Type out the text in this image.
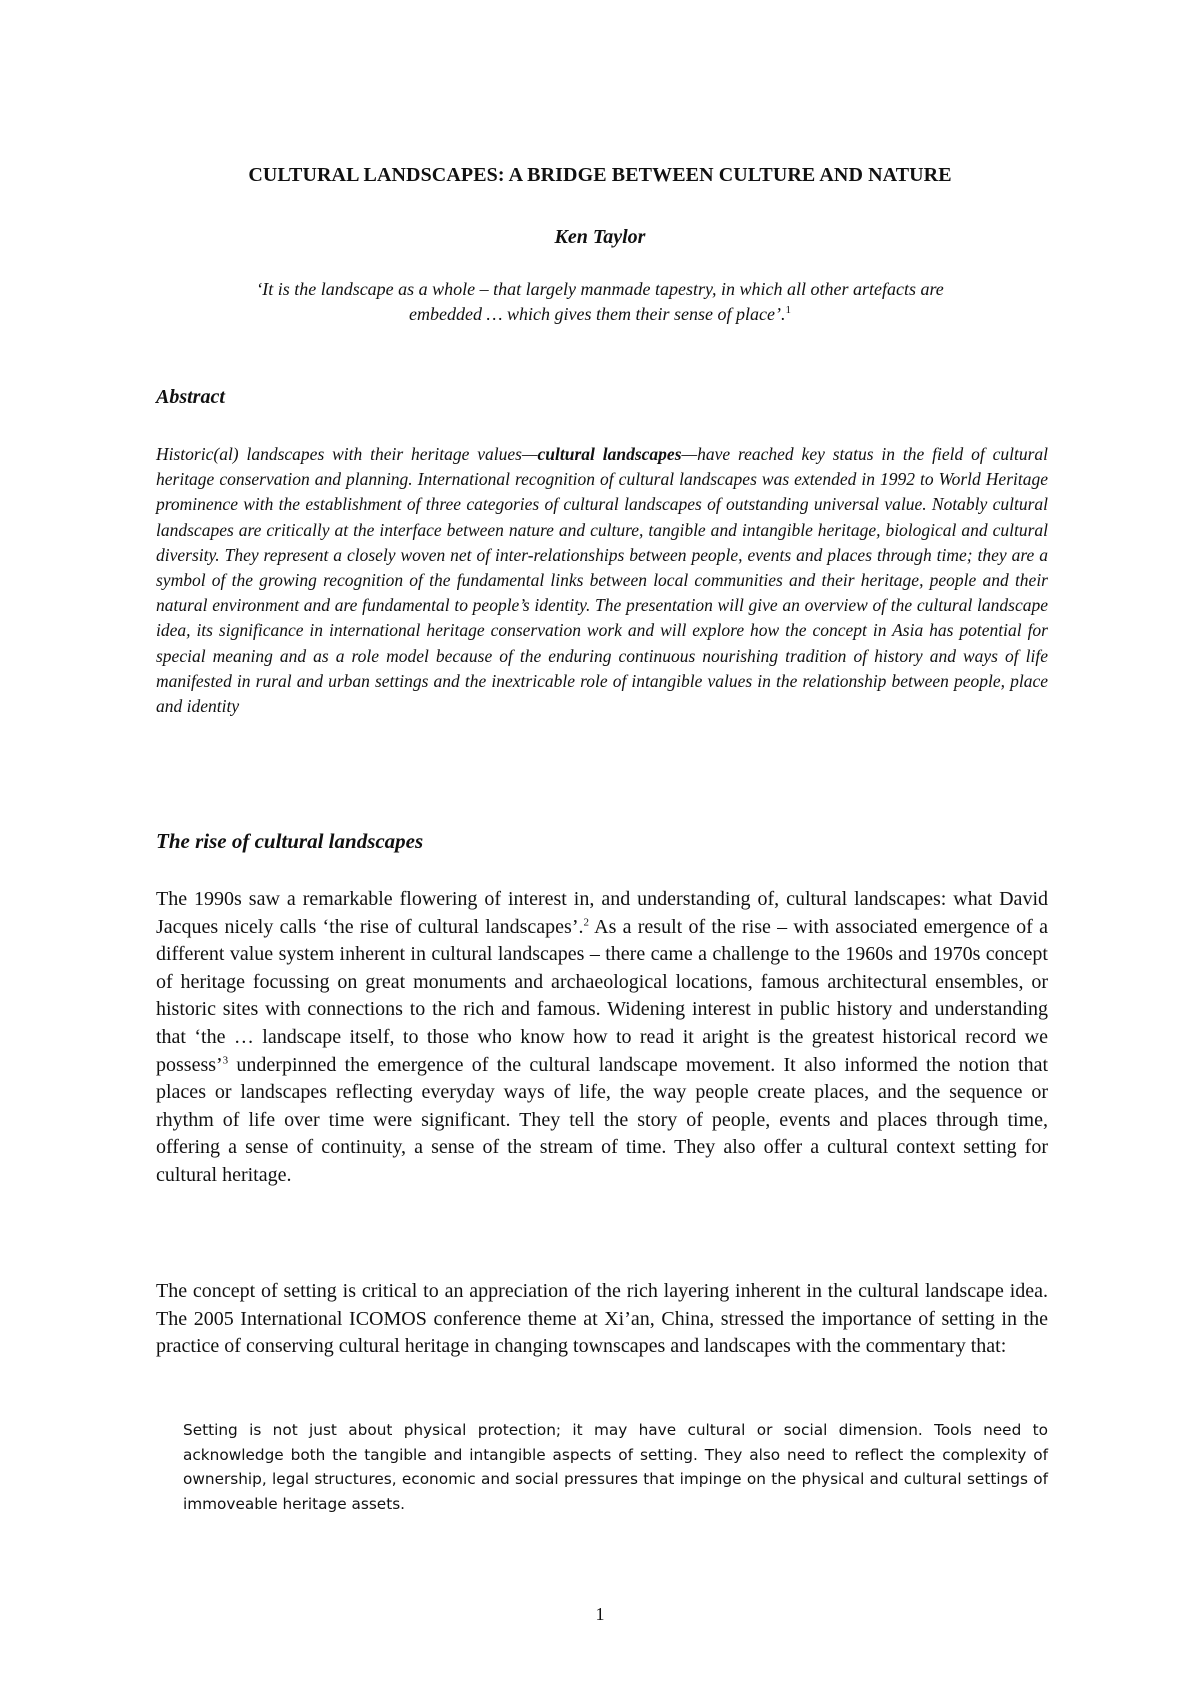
CULTURAL LANDSCAPES: A BRIDGE BETWEEN CULTURE AND NATURE
Ken Taylor
‘It is the landscape as a whole – that largely manmade tapestry, in which all other artefacts are
embedded … which gives them their sense of place’.$^1$
Abstract
Historic(al) landscapes with their heritage values—cultural landscapes—have reached key status in the field of cultural heritage conservation and planning. International recognition of cultural landscapes was extended in 1992 to World Heritage prominence with the establishment of three categories of cultural landscapes of outstanding universal value. Notably cultural landscapes are critically at the interface between nature and culture, tangible and intangible heritage, biological and cultural diversity. They represent a closely woven net of inter-relationships between people, events and places through time; they are a symbol of the growing recognition of the fundamental links between local communities and their heritage, people and their natural environment and are fundamental to people’s identity. The presentation will give an overview of the cultural landscape idea, its significance in international heritage conservation work and will explore how the concept in Asia has potential for special meaning and as a role model because of the enduring continuous nourishing tradition of history and ways of life manifested in rural and urban settings and the inextricable role of intangible values in the relationship between people, place and identity
The rise of cultural landscapes
The 1990s saw a remarkable flowering of interest in, and understanding of, cultural landscapes: what David Jacques nicely calls ‘the rise of cultural landscapes’.$^2$ As a result of the rise – with associated emergence of a different value system inherent in cultural landscapes – there came a challenge to the 1960s and 1970s concept of heritage focussing on great monuments and archaeological locations, famous architectural ensembles, or historic sites with connections to the rich and famous. Widening interest in public history and understanding that ‘the … landscape itself, to those who know how to read it aright is the greatest historical record we possess’$^3$ underpinned the emergence of the cultural landscape movement. It also informed the notion that places or landscapes reflecting everyday ways of life, the way people create places, and the sequence or rhythm of life over time were significant. They tell the story of people, events and places through time, offering a sense of continuity, a sense of the stream of time. They also offer a cultural context setting for cultural heritage.
The concept of setting is critical to an appreciation of the rich layering inherent in the cultural landscape idea. The 2005 International ICOMOS conference theme at Xi’an, China, stressed the importance of setting in the practice of conserving cultural heritage in changing townscapes and landscapes with the commentary that:
Setting is not just about physical protection; it may have cultural or social dimension. Tools need to acknowledge both the tangible and intangible aspects of setting. They also need to reflect the complexity of ownership, legal structures, economic and social pressures that impinge on the physical and cultural settings of immoveable heritage assets.
1
